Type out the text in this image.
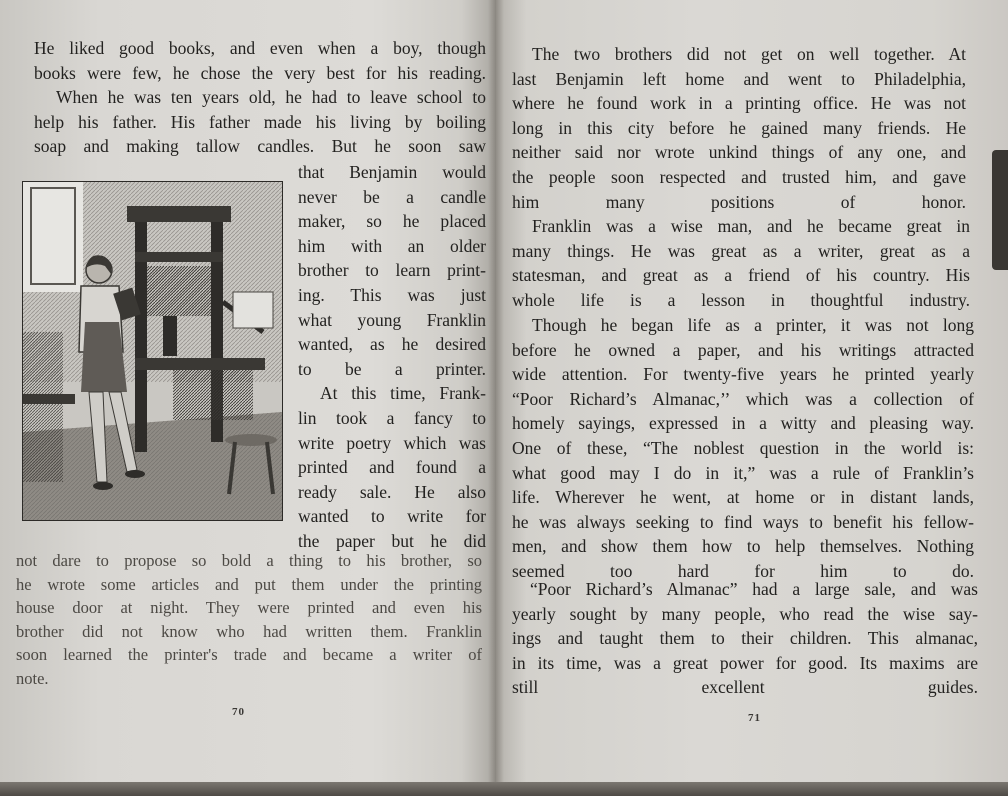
He liked good books, and even when a boy, though
books were few, he chose the very best for his reading.
When he was ten years old, he had to leave school to
help his father. His father made his living by boiling
soap and making tallow candles. But he soon saw
that Benjamin would
never be a candle
maker, so he placed
him with an older
brother to learn print-
ing. This was just
what young Franklin
wanted, as he desired
to be a printer.
At this time, Frank-
lin took a fancy to
write poetry which was
printed and found a
ready sale. He also
wanted to write for
the paper but he did
not dare to propose so bold a thing to his brother, so
he wrote some articles and put them under the printing
house door at night. They were printed and even his
brother did not know who had written them. Franklin
soon learned the printer's trade and became a writer of
note.
70
The two brothers did not get on well together. At
last Benjamin left home and went to Philadelphia,
where he found work in a printing office. He was not
long in this city before he gained many friends. He
neither said nor wrote unkind things of any one, and
the people soon respected and trusted him, and gave
him many positions of honor.
Franklin was a wise man, and he became great in
many things. He was great as a writer, great as a
statesman, and great as a friend of his country. His
whole life is a lesson in thoughtful industry.
Though he began life as a printer, it was not long
before he owned a paper, and his writings attracted
wide attention. For twenty-five years he printed yearly
“Poor Richard’s Almanac,’’ which was a collection of
homely sayings, expressed in a witty and pleasing way.
One of these, “The noblest question in the world is:
what good may I do in it,” was a rule of Franklin’s
life. Wherever he went, at home or in distant lands,
he was always seeking to find ways to benefit his fellow-
men, and show them how to help themselves. Nothing
seemed too hard for him to do.
“Poor Richard’s Almanac” had a large sale, and was
yearly sought by many people, who read the wise say-
ings and taught them to their children. This almanac,
in its time, was a great power for good. Its maxims are
still excellent guides.
71
